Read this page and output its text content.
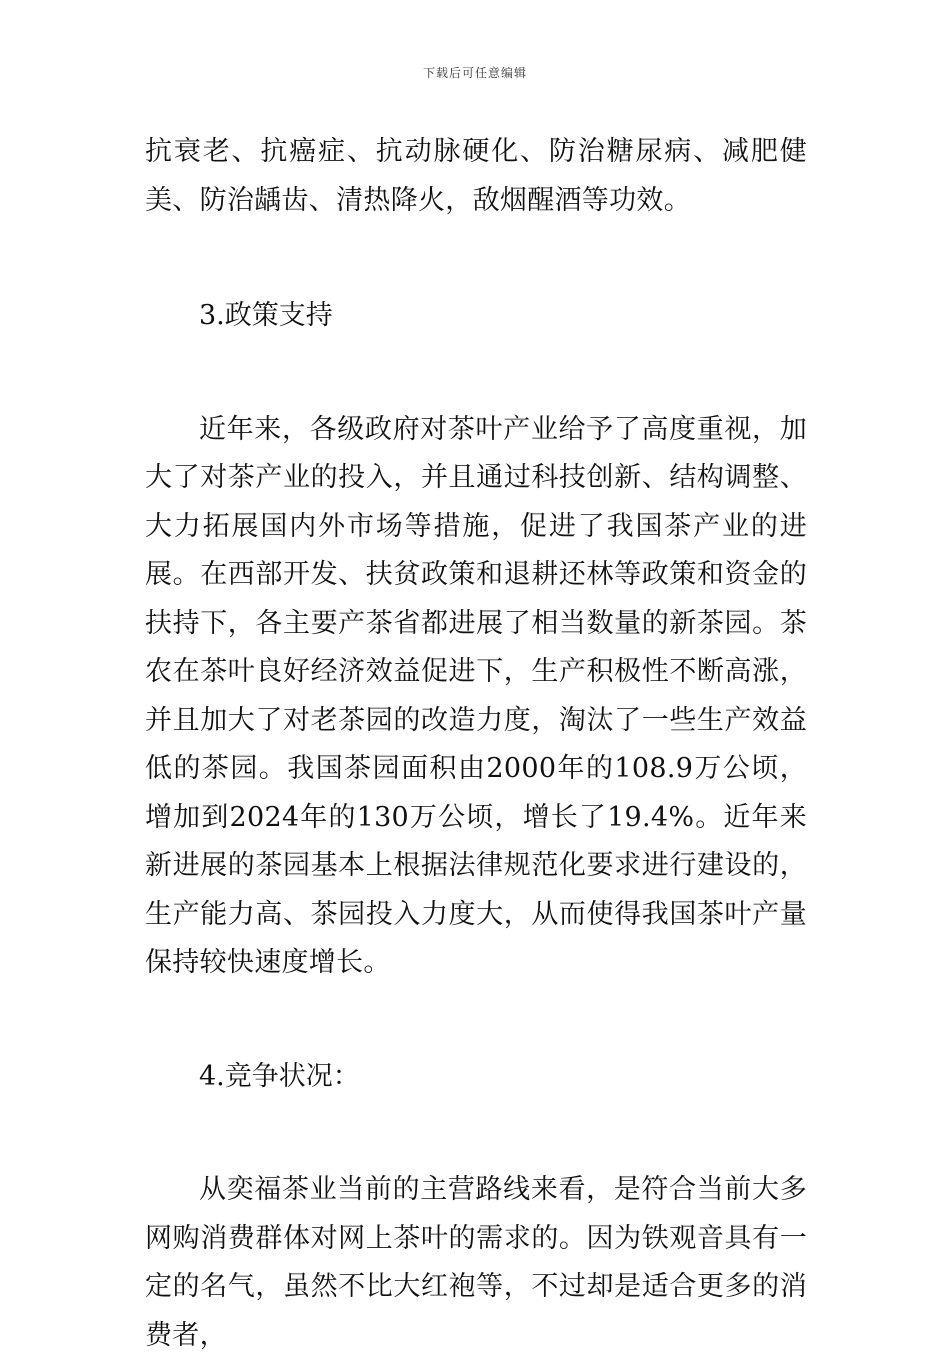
下载后可任意编辑

抗衰老、抗癌症、抗动脉硬化、防治糖尿病、减肥健美、防治龋齿、清热降火，敌烟醒酒等功效。

3.政策支持

近年来，各级政府对茶叶产业给予了高度重视，加大了对茶产业的投入，并且通过科技创新、结构调整、大力拓展国内外市场等措施，促进了我国茶产业的进展。在西部开发、扶贫政策和退耕还林等政策和资金的扶持下，各主要产茶省都进展了相当数量的新茶园。茶农在茶叶良好经济效益促进下，生产积极性不断高涨，并且加大了对老茶园的改造力度，淘汰了一些生产效益低的茶园。我国茶园面积由2000年的108.9万公顷，增加到2024年的130万公顷，增长了19.4%。近年来新进展的茶园基本上根据法律规范化要求进行建设的，生产能力高、茶园投入力度大，从而使得我国茶叶产量保持较快速度增长。

4.竞争状况：

从奕福茶业当前的主营路线来看，是符合当前大多网购消费群体对网上茶叶的需求的。因为铁观音具有一定的名气，虽然不比大红袍等，不过却是适合更多的消费者，
